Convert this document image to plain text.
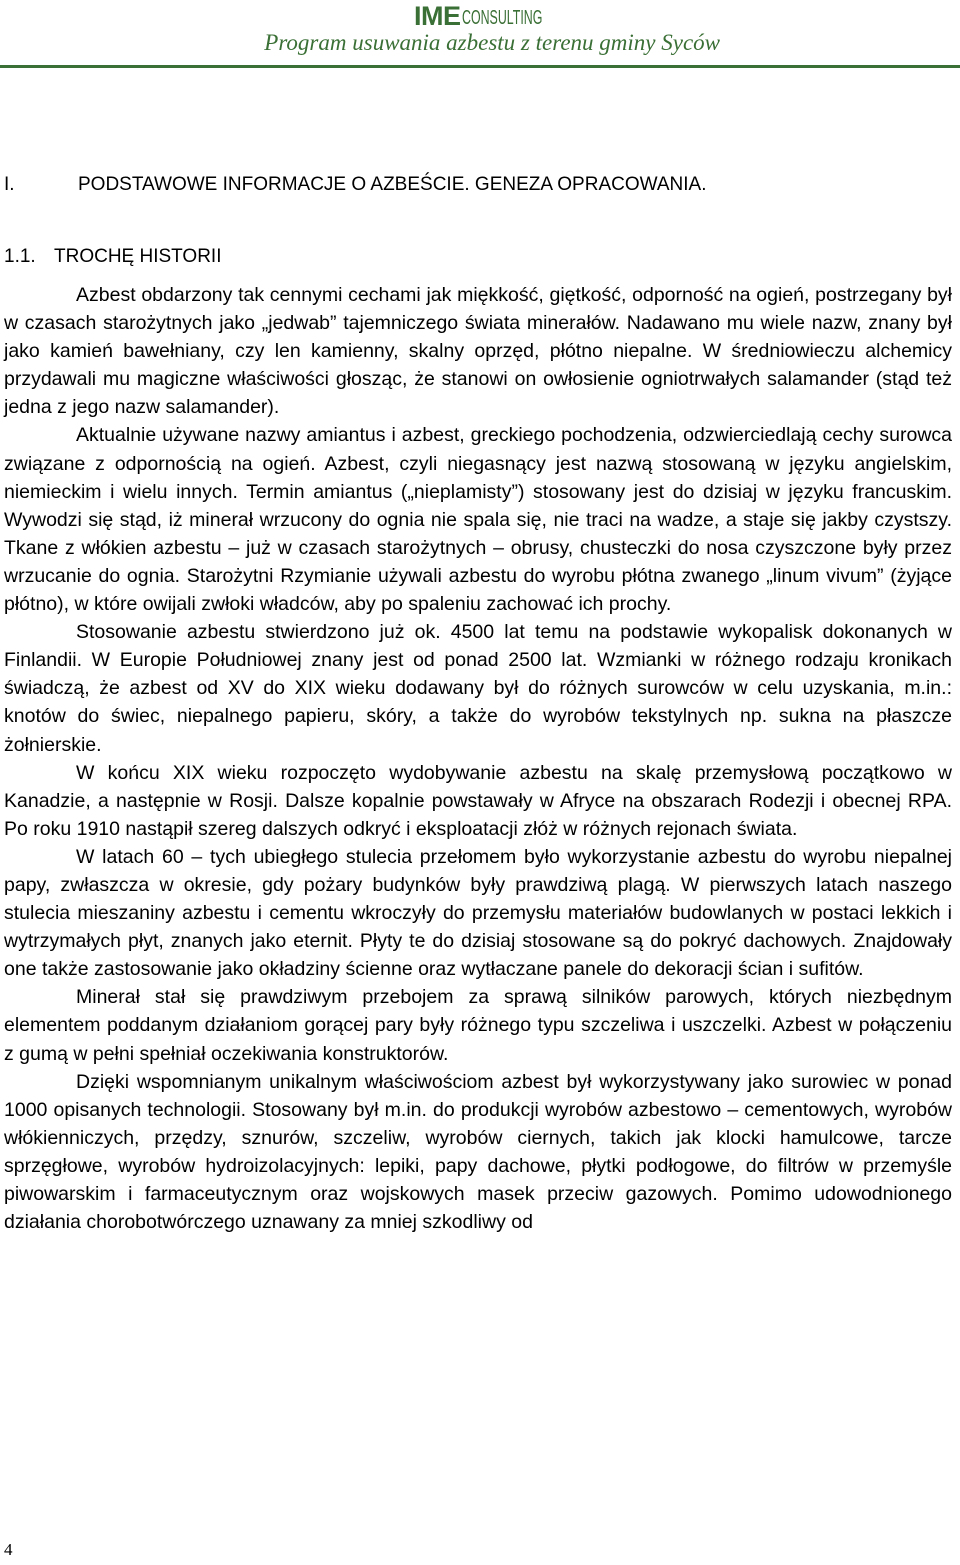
IME CONSULTING
Program usuwania azbestu z terenu gminy Syców
I.	PODSTAWOWE INFORMACJE O AZBEŚCIE. GENEZA OPRACOWANIA.
1.1. TROCHĘ HISTORII

Azbest obdarzony tak cennymi cechami jak miękkość, giętkość, odporność na ogień, postrzegany był w czasach starożytnych jako „jedwab” tajemniczego świata minerałów. Nadawano mu wiele nazw, znany był jako kamień bawełniany, czy len kamienny, skalny oprzęd, płótno niepalne. W średniowieczu alchemicy przydawali mu magiczne właściwości głosząc, że stanowi on owłosienie ogniotrwałych salamander (stąd też jedna z jego nazw salamander).

Aktualnie używane nazwy amiantus i azbest, greckiego pochodzenia, odzwierciedlają cechy surowca związane z odpornością na ogień. Azbest, czyli niegasnący jest nazwą stosowaną w języku angielskim, niemieckim i wielu innych. Termin amiantus („nieplamisty”) stosowany jest do dzisiaj w języku francuskim. Wywodzi się stąd, iż minerał wrzucony do ognia nie spala się, nie traci na wadze, a staje się jakby czystszy. Tkane z włókien azbestu – już w czasach starożytnych – obrusy, chusteczki do nosa czyszczone były przez wrzucanie do ognia. Starożytni Rzymianie używali azbestu do wyrobu płótna zwanego „linum vivum” (żyjące płótno), w które owijali zwłoki władców, aby po spaleniu zachować ich prochy.

Stosowanie azbestu stwierdzono już ok. 4500 lat temu na podstawie wykopalisk dokonanych w Finlandii. W Europie Południowej znany jest od ponad 2500 lat. Wzmianki w różnego rodzaju kronikach świadczą, że azbest od XV do XIX wieku dodawany był do różnych surowców w celu uzyskania, m.in.: knotów do świec, niepalnego papieru, skóry, a także do wyrobów tekstylnych np. sukna na płaszcze żołnierskie.

W końcu XIX wieku rozpoczęto wydobywanie azbestu na skalę przemysłową początkowo w Kanadzie, a następnie w Rosji. Dalsze kopalnie powstawały w Afryce na obszarach Rodezji i obecnej RPA. Po roku 1910 nastąpił szereg dalszych odkryć i eksploatacji złóż w różnych rejonach świata.

W latach 60 – tych ubiegłego stulecia przełomem było wykorzystanie azbestu do wyrobu niepalnej papy, zwłaszcza w okresie, gdy pożary budynków były prawdziwą plagą. W pierwszych latach naszego stulecia mieszaniny azbestu i cementu wkroczyły do przemysłu materiałów budowlanych w postaci lekkich i wytrzymałych płyt, znanych jako eternit. Płyty te do dzisiaj stosowane są do pokryć dachowych. Znajdowały one także zastosowanie jako okładziny ścienne oraz wytłaczane panele do dekoracji ścian i sufitów.

Minerał stał się prawdziwym przebojem za sprawą silników parowych, których niezbędnym elementem poddanym działaniom gorącej pary były różnego typu szczeliwa i uszczelki. Azbest w połączeniu z gumą w pełni spełniał oczekiwania konstruktorów.

Dzięki wspomnianym unikalnym właściwościom azbest był wykorzystywany jako surowiec w ponad 1000 opisanych technologii. Stosowany był m.in. do produkcji wyrobów azbestowo – cementowych, wyrobów włókienniczych, przędzy, sznurów, szczeliw, wyrobów ciernych, takich jak klocki hamulcowe, tarcze sprzęgłowe, wyrobów hydroizolacyjnych: lepiki, papy dachowe, płytki podłogowe, do filtrów w przemyśle piwowarskim i farmaceutycznym oraz wojskowych masek przeciw gazowych. Pomimo udowodnionego działania chorobotwórczego uznawany za mniej szkodliwy od

4
